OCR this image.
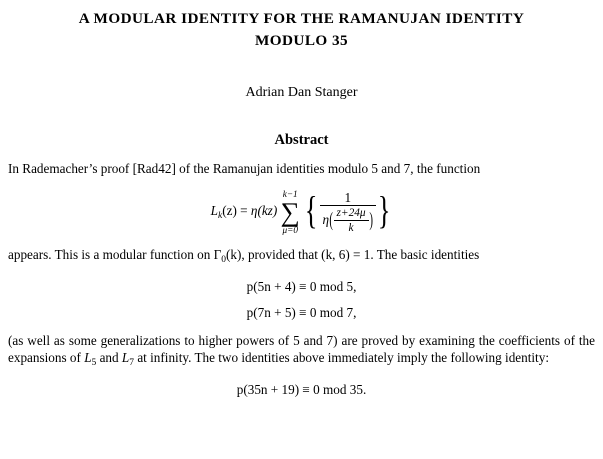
A MODULAR IDENTITY FOR THE RAMANUJAN IDENTITY
MODULO 35
Adrian Dan Stanger
Abstract
In Rademacher’s proof [Rad42] of the Ramanujan identities modulo 5 and 7, the function
$L_k(z) = \eta(kz)$
k−1
∑
μ=0 { $\frac{1}{\eta( \frac{z+24\mu}{k} )}$ }
appears. This is a modular function on $\Gamma_0(k)$, provided that (k, 6) = 1. The basic identities
p(5n + 4) ≡ 0 mod 5,
p(7n + 5) ≡ 0 mod 7,
(as well as some generalizations to higher powers of 5 and 7) are proved by examining the coefficients of the expansions of $L_5$ and $L_7$ at infinity. The two identities above immediately imply the following identity:
p(35n + 19) ≡ 0 mod 35.
